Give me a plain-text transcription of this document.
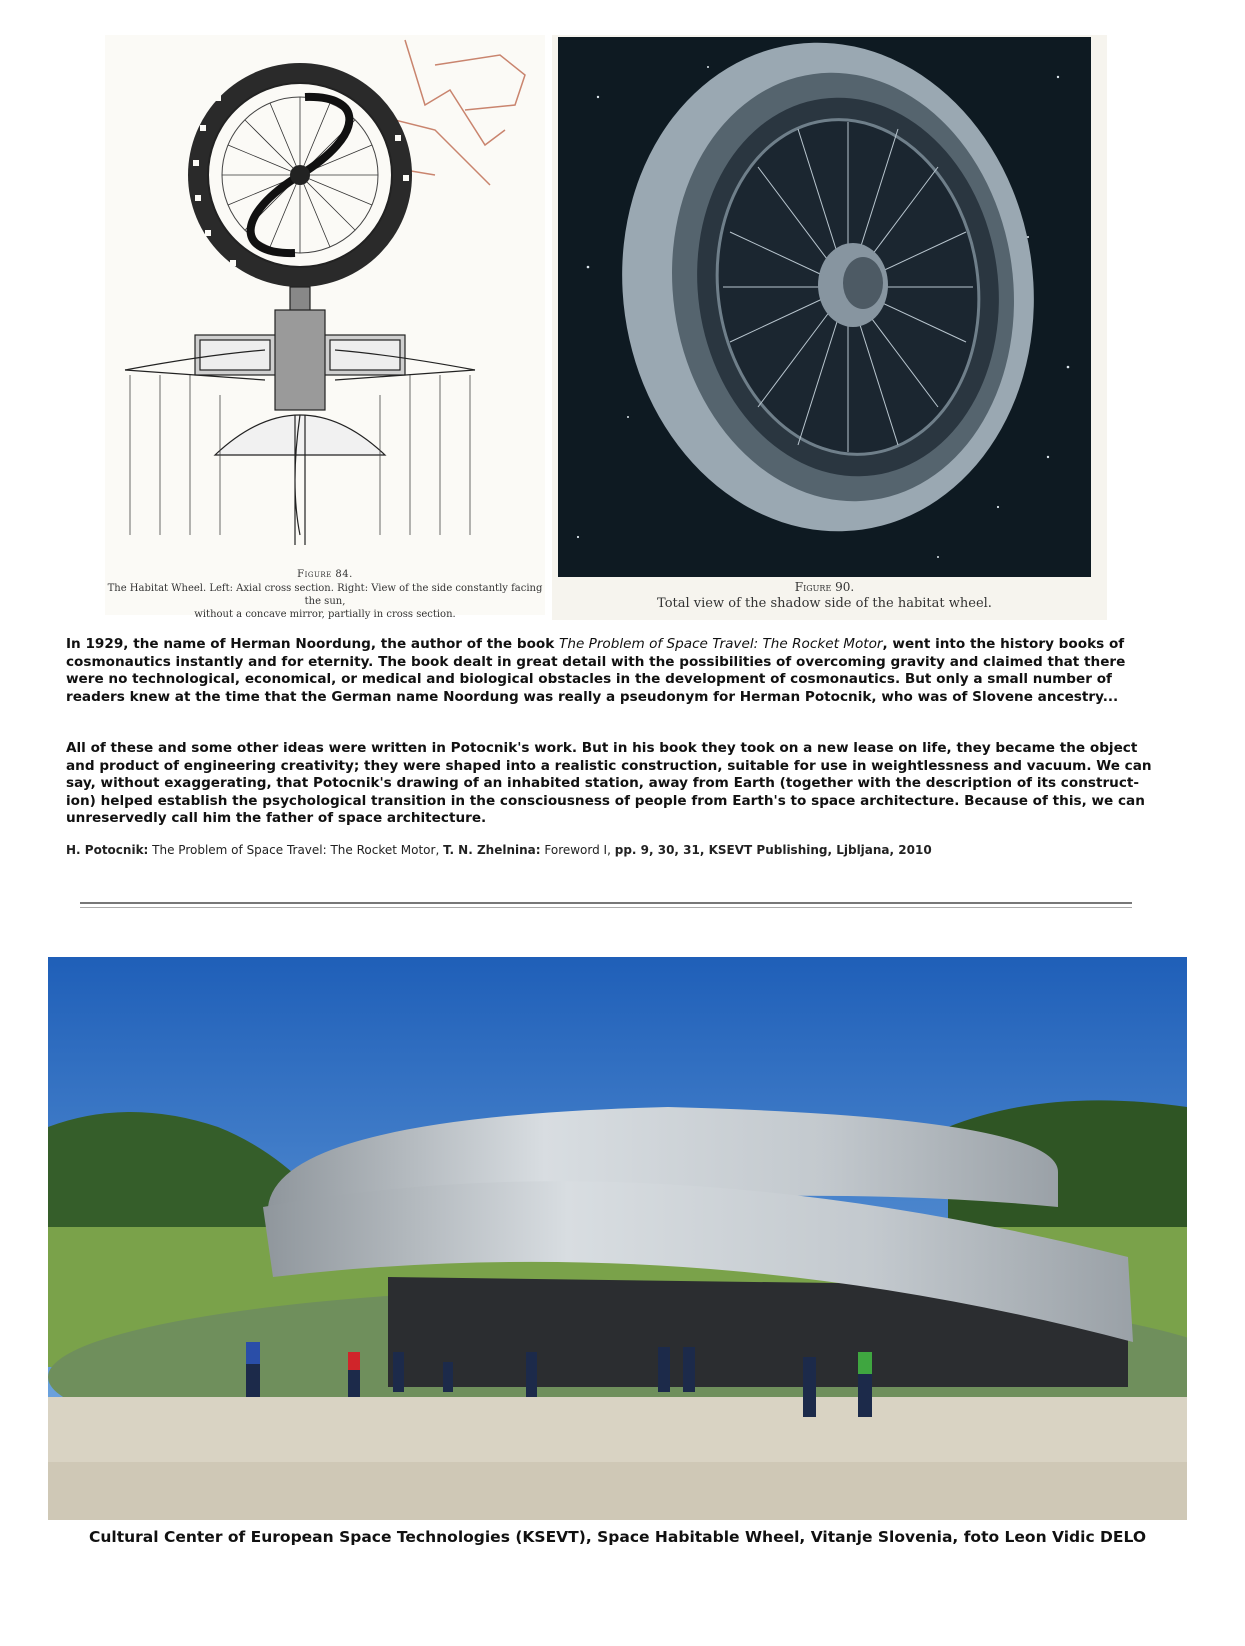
Figure 84.
The Habitat Wheel. Left: Axial cross section. Right: View of the side constantly facing the sun,
without a concave mirror, partially in cross section.
Figure 90.
Total view of the shadow side of the habitat wheel.

In 1929, the name of Herman Noordung, the author of the book The Problem of Space Travel: The Rocket Motor, went into the history books of cosmonautics instantly and for eternity. The book dealt in great detail with the possibilities of overcoming gravity and claimed that there were no technological, economical, or medical and biological obstacles in the development of cosmonautics. But only a small number of readers knew at the time that the German name Noordung was really a pseudonym for Herman Potocnik, who was of Slovene ancestry...

All of these and some other ideas were written in Potocnik's work. But in his book they took on a new lease on life, they became the object and product of engineering creativity; they were shaped into a realistic construction, suitable for use in weightlessness and vacuum. We can say, without exaggerating, that Potocnik's drawing of an inhabited station, away from Earth (together with the description of its construct-ion) helped establish the psychological transition in the consciousness of people from Earth's to space architecture. Because of this, we can unreservedly call him the father of space architecture.

H. Potocnik: The Problem of Space Travel: The Rocket Motor, T. N. Zhelnina: Foreword I, pp. 9, 30, 31, KSEVT Publishing, Ljbljana, 2010
Cultural Center of European Space Technologies (KSEVT), Space Habitable Wheel, Vitanje Slovenia, foto Leon Vidic DELO
